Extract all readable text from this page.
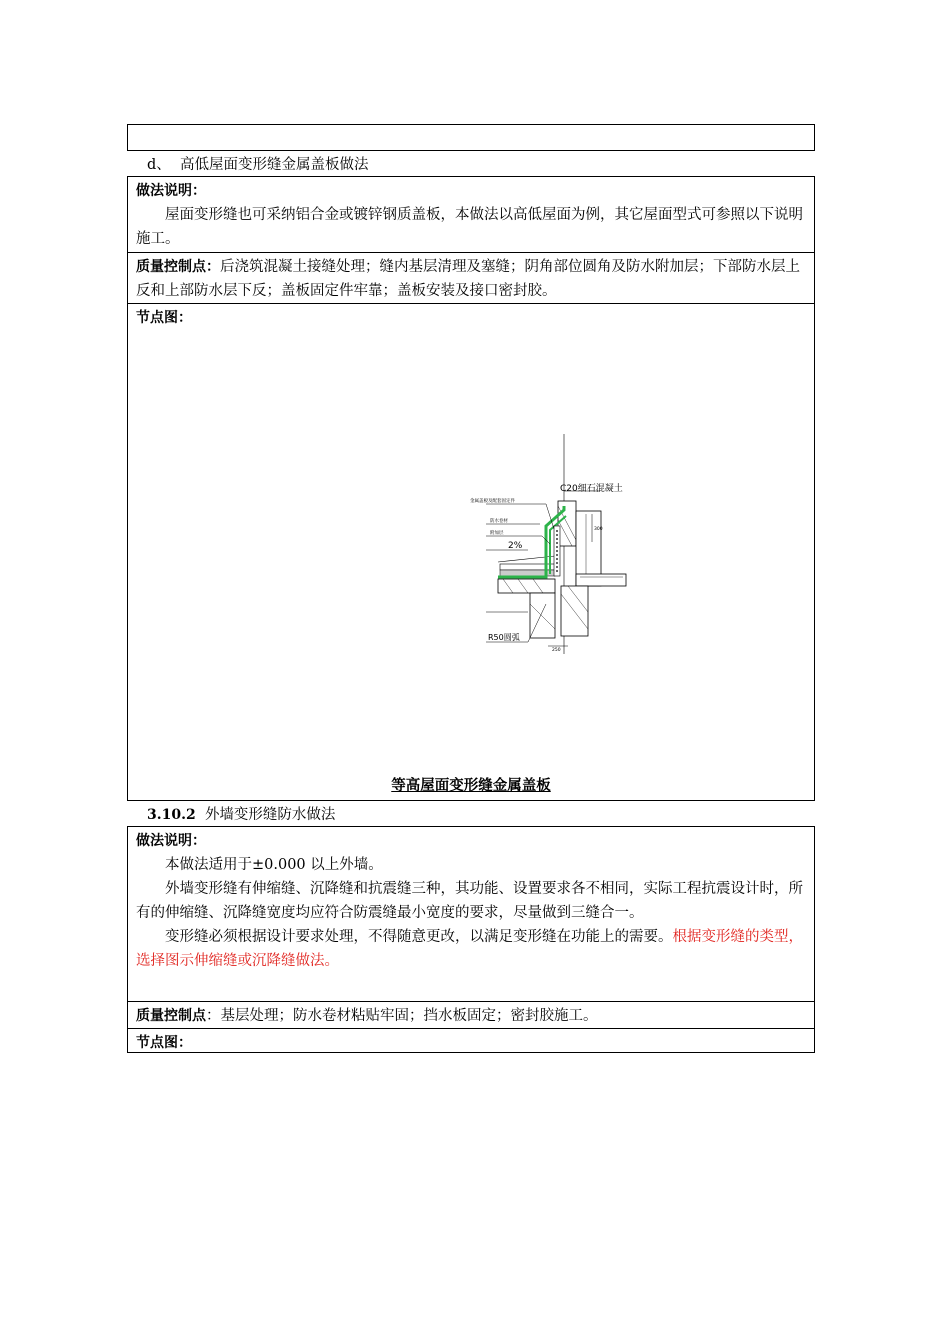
d、 高低屋面变形缝金属盖板做法
做法说明：
屋面变形缝也可采纳铝合金或镀锌钢质盖板，本做法以高低屋面为例，其它屋面型式可参照以下说明施工。
质量控制点：后浇筑混凝土接缝处理；缝内基层清理及塞缝；阴角部位圆角及防水附加层；下部防水层上反和上部防水层下反；盖板固定件牢靠；盖板安装及接口密封胶。
节点图：
C20细石混凝土
金属盖板及配套固定件
防水卷材
附加层
2%
300
R50圆弧
250
等高屋面变形缝金属盖板
3.10.2 外墙变形缝防水做法
做法说明：
本做法适用于±0.000 以上外墙。
外墙变形缝有伸缩缝、沉降缝和抗震缝三种，其功能、设置要求各不相同，实际工程抗震设计时，所有的伸缩缝、沉降缝宽度均应符合防震缝最小宽度的要求，尽量做到三缝合一。
变形缝必须根据设计要求处理，不得随意更改，以满足变形缝在功能上的需要。根据变形缝的类型，选择图示伸缩缝或沉降缝做法。
质量控制点：基层处理；防水卷材粘贴牢固；挡水板固定；密封胶施工。
节点图：
